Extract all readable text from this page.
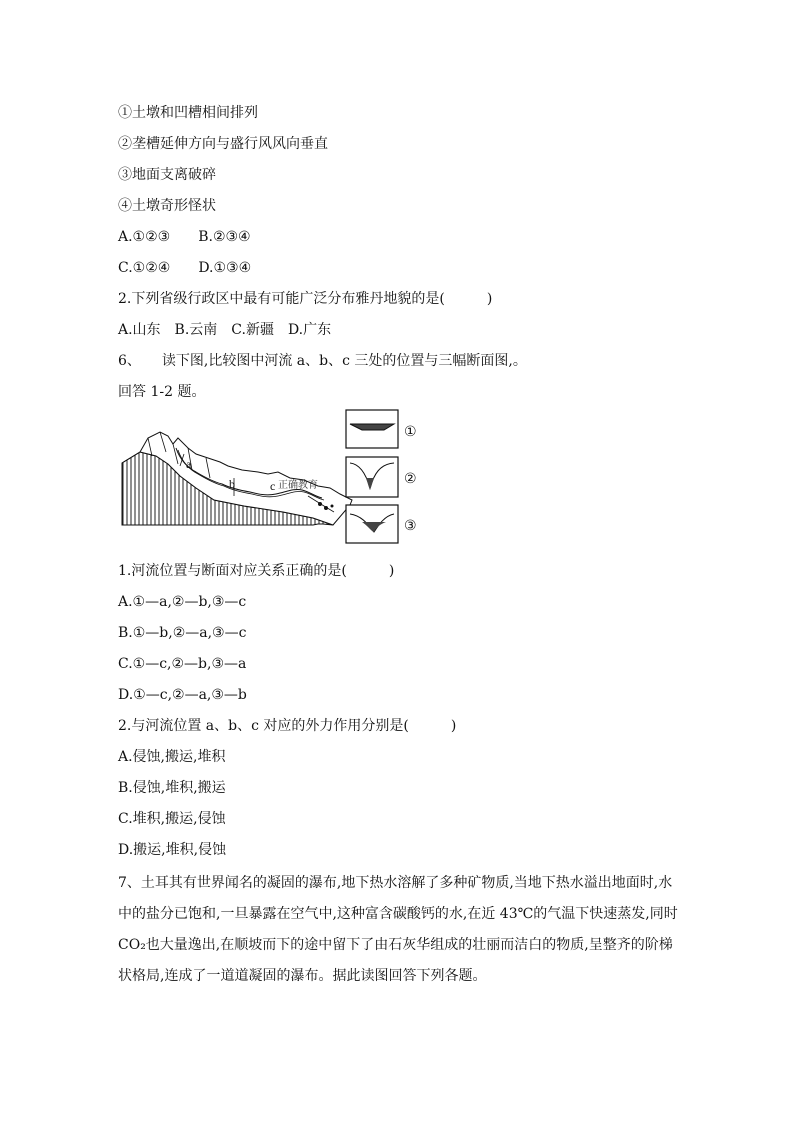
①土墩和凹槽相间排列
②垄槽延伸方向与盛行风风向垂直
③地面支离破碎
④土墩奇形怪状
A.①②③　　B.②③④
C.①②④　　D.①③④
2.下列省级行政区中最有可能广泛分布雅丹地貌的是(　　　)
A.山东　B.云南　C.新疆　D.广东
6、　　读下图,比较图中河流 a、b、c 三处的位置与三幅断面图,。
回答 1-2 题。
a
b	c 正确教育
①
②
③
1.河流位置与断面对应关系正确的是(　　　)
A.①—a,②—b,③—c
B.①—b,②—a,③—c
C.①—c,②—b,③—a
D.①—c,②—a,③—b
2.与河流位置 a、b、c 对应的外力作用分别是(　　　)
A.侵蚀,搬运,堆积
B.侵蚀,堆积,搬运
C.堆积,搬运,侵蚀
D.搬运,堆积,侵蚀
7、土耳其有世界闻名的凝固的瀑布,地下热水溶解了多种矿物质,当地下热水溢出地面时,水中的盐分已饱和,一旦暴露在空气中,这种富含碳酸钙的水,在近 43℃的气温下快速蒸发,同时CO₂也大量逸出,在顺坡而下的途中留下了由石灰华组成的壮丽而洁白的物质,呈整齐的阶梯状格局,连成了一道道凝固的瀑布。据此读图回答下列各题。
